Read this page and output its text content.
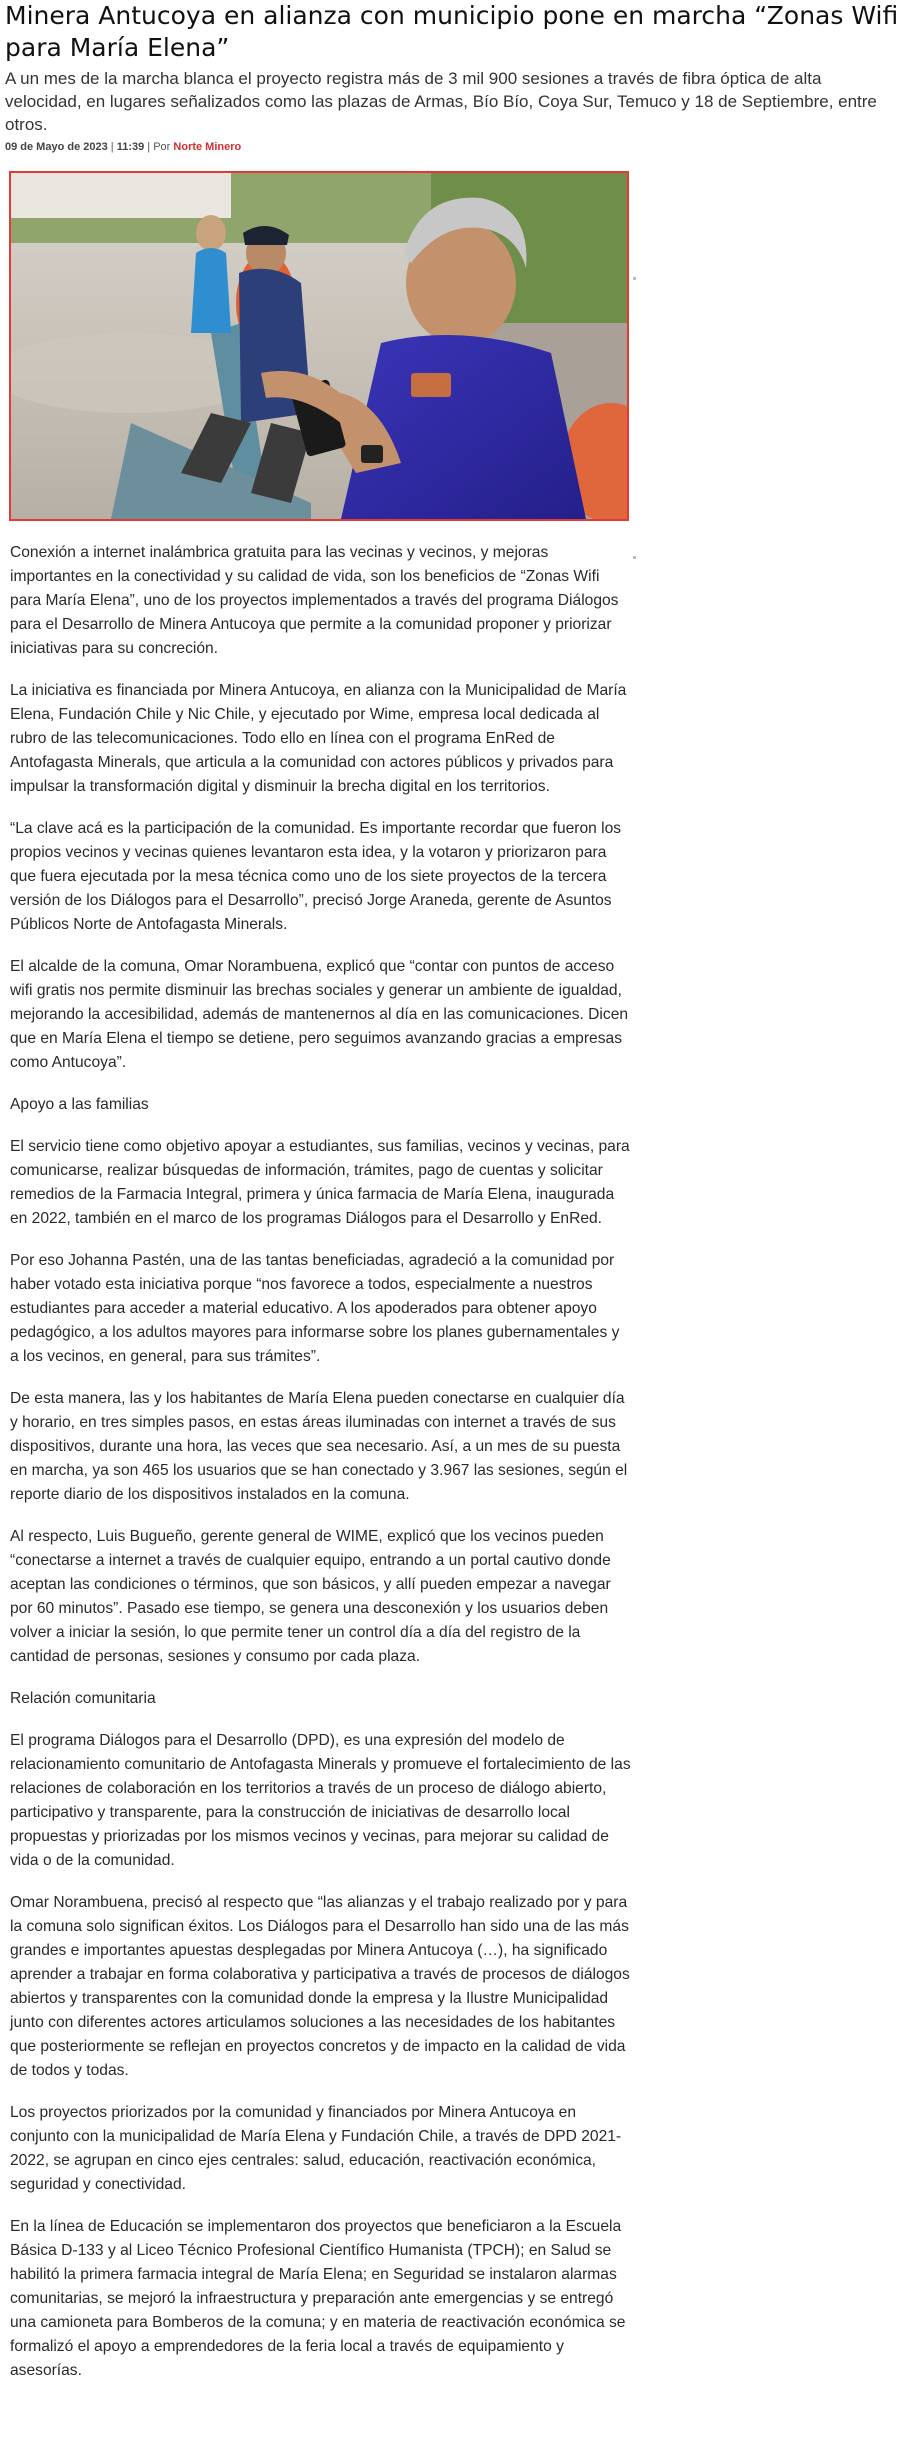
Minera Antucoya en alianza con municipio pone en marcha “Zonas Wifi para María Elena”

A un mes de la marcha blanca el proyecto registra más de 3 mil 900 sesiones a través de fibra óptica de alta velocidad, en lugares señalizados como las plazas de Armas, Bío Bío, Coya Sur, Temuco y 18 de Septiembre, entre otros.

09 de Mayo de 2023 | 11:39 | Por Norte Minero

Conexión a internet inalámbrica gratuita para las vecinas y vecinos, y mejoras importantes en la conectividad y su calidad de vida, son los beneficios de “Zonas Wifi para María Elena”, uno de los proyectos implementados a través del programa Diálogos para el Desarrollo de Minera Antucoya que permite a la comunidad proponer y priorizar iniciativas para su concreción.

La iniciativa es financiada por Minera Antucoya, en alianza con la Municipalidad de María Elena, Fundación Chile y Nic Chile, y ejecutado por Wime, empresa local dedicada al rubro de las telecomunicaciones. Todo ello en línea con el programa EnRed de Antofagasta Minerals, que articula a la comunidad con actores públicos y privados para impulsar la transformación digital y disminuir la brecha digital en los territorios.

“La clave acá es la participación de la comunidad. Es importante recordar que fueron los propios vecinos y vecinas quienes levantaron esta idea, y la votaron y priorizaron para que fuera ejecutada por la mesa técnica como uno de los siete proyectos de la tercera versión de los Diálogos para el Desarrollo”, precisó Jorge Araneda, gerente de Asuntos Públicos Norte de Antofagasta Minerals.

El alcalde de la comuna, Omar Norambuena, explicó que “contar con puntos de acceso wifi gratis nos permite disminuir las brechas sociales y generar un ambiente de igualdad, mejorando la accesibilidad, además de mantenernos al día en las comunicaciones. Dicen que en María Elena el tiempo se detiene, pero seguimos avanzando gracias a empresas como Antucoya”.

Apoyo a las familias

El servicio tiene como objetivo apoyar a estudiantes, sus familias, vecinos y vecinas, para comunicarse, realizar búsquedas de información, trámites, pago de cuentas y solicitar remedios de la Farmacia Integral, primera y única farmacia de María Elena, inaugurada en 2022, también en el marco de los programas Diálogos para el Desarrollo y EnRed.

Por eso Johanna Pastén, una de las tantas beneficiadas, agradeció a la comunidad por haber votado esta iniciativa porque “nos favorece a todos, especialmente a nuestros estudiantes para acceder a material educativo. A los apoderados para obtener apoyo pedagógico, a los adultos mayores para informarse sobre los planes gubernamentales y a los vecinos, en general, para sus trámites”.

De esta manera, las y los habitantes de María Elena pueden conectarse en cualquier día y horario, en tres simples pasos, en estas áreas iluminadas con internet a través de sus dispositivos, durante una hora, las veces que sea necesario. Así, a un mes de su puesta en marcha, ya son 465 los usuarios que se han conectado y 3.967 las sesiones, según el reporte diario de los dispositivos instalados en la comuna.

Al respecto, Luis Bugueño, gerente general de WIME, explicó que los vecinos pueden “conectarse a internet a través de cualquier equipo, entrando a un portal cautivo donde aceptan las condiciones o términos, que son básicos, y allí pueden empezar a navegar por 60 minutos”. Pasado ese tiempo, se genera una desconexión y los usuarios deben volver a iniciar la sesión, lo que permite tener un control día a día del registro de la cantidad de personas, sesiones y consumo por cada plaza.

Relación comunitaria

El programa Diálogos para el Desarrollo (DPD), es una expresión del modelo de relacionamiento comunitario de Antofagasta Minerals y promueve el fortalecimiento de las relaciones de colaboración en los territorios a través de un proceso de diálogo abierto, participativo y transparente, para la construcción de iniciativas de desarrollo local propuestas y priorizadas por los mismos vecinos y vecinas, para mejorar su calidad de vida o de la comunidad.

Omar Norambuena, precisó al respecto que “las alianzas y el trabajo realizado por y para la comuna solo significan éxitos. Los Diálogos para el Desarrollo han sido una de las más grandes e importantes apuestas desplegadas por Minera Antucoya (…), ha significado aprender a trabajar en forma colaborativa y participativa a través de procesos de diálogos abiertos y transparentes con la comunidad donde la empresa y la Ilustre Municipalidad junto con diferentes actores articulamos soluciones a las necesidades de los habitantes que posteriormente se reflejan en proyectos concretos y de impacto en la calidad de vida de todos y todas.

Los proyectos priorizados por la comunidad y financiados por Minera Antucoya en conjunto con la municipalidad de María Elena y Fundación Chile, a través de DPD 2021-2022, se agrupan en cinco ejes centrales: salud, educación, reactivación económica, seguridad y conectividad.

En la línea de Educación se implementaron dos proyectos que beneficiaron a la Escuela Básica D-133 y al Liceo Técnico Profesional Científico Humanista (TPCH); en Salud se habilitó la primera farmacia integral de María Elena; en Seguridad se instalaron alarmas comunitarias, se mejoró la infraestructura y preparación ante emergencias y se entregó una camioneta para Bomberos de la comuna; y en materia de reactivación económica se formalizó el apoyo a emprendedores de la feria local a través de equipamiento y asesorías.
